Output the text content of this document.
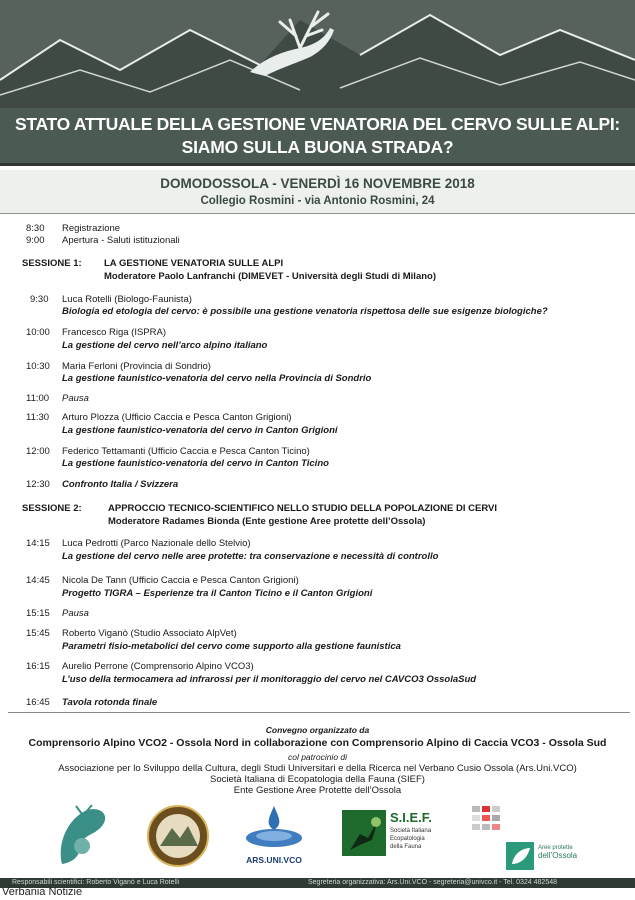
STATO ATTUALE DELLA GESTIONE VENATORIA DEL CERVO SULLE ALPI:
SIAMO SULLA BUONA STRADA?
DOMODOSSOLA - VENERDÌ 16 NOVEMBRE 2018
Collegio Rosmini - via Antonio Rosmini, 24
8:30 Registrazione
9:00 Apertura - Saluti istituzionali
SESSIONE 1: LA GESTIONE VENATORIA SULLE ALPI
Moderatore Paolo Lanfranchi (DIMEVET - Università degli Studi di Milano)
9:30 Luca Rotelli (Biologo-Faunista)
Biologia ed etologia del cervo: è possibile una gestione venatoria rispettosa delle sue esigenze biologiche?
10:00 Francesco Riga (ISPRA)
La gestione del cervo nell’arco alpino italiano
10:30 Maria Ferloni (Provincia di Sondrio)
La gestione faunistico-venatoria del cervo nella Provincia di Sondrio
11:00 Pausa
11:30 Arturo Plozza (Ufficio Caccia e Pesca Canton Grigioni)
La gestione faunistico-venatoria del cervo in Canton Grigioni
12:00 Federico Tettamanti (Ufficio Caccia e Pesca Canton Ticino)
La gestione faunistico-venatoria del cervo in Canton Ticino
12:30 Confronto Italia / Svizzera
SESSIONE 2:	APPROCCIO TECNICO-SCIENTIFICO NELLO STUDIO DELLA POPOLAZIONE DI CERVI
Moderatore Radames Bionda (Ente gestione Aree protette dell’Ossola)
14:15 Luca Pedrotti (Parco Nazionale dello Stelvio)
La gestione del cervo nelle aree protette: tra conservazione e necessità di controllo
14:45 Nicola De Tann (Ufficio Caccia e Pesca Canton Grigioni)
Progetto TIGRA – Esperienze tra il Canton Ticino e il Canton Grigioni
15:15 Pausa
15:45 Roberto Viganò (Studio Associato AlpVet)
Parametri fisio-metabolici del cervo come supporto alla gestione faunistica
16:15 Aurelio Perrone (Comprensorio Alpino VCO3)
L’uso della termocamera ad infrarossi per il monitoraggio del cervo nel CAVCO3 OssolaSud
16:45 Tavola rotonda finale
Convegno organizzato da
Comprensorio Alpino VCO2 - Ossola Nord in collaborazione con Comprensorio Alpino di Caccia VCO3 - Ossola Sud
col patrocinio di
Associazione per lo Sviluppo della Cultura, degli Studi Universitari e della Ricerca nel Verbano Cusio Ossola (Ars.Uni.VCO)
Società Italiana di Ecopatologia della Fauna (SIEF)
Ente Gestione Aree Protette dell’Ossola
ARS.UNI.VCO
S.I.E.F.
Società Italiana
Ecopatologia
della Fauna	Aree protette
dell’Ossola
Responsabili scientifici: Roberto Viganò e Luca Rotelli	Segreteria organizzativa: Ars.Uni.VCO - segreteria@univco.it - Tel. 0324 482548
Verbania Notizie
